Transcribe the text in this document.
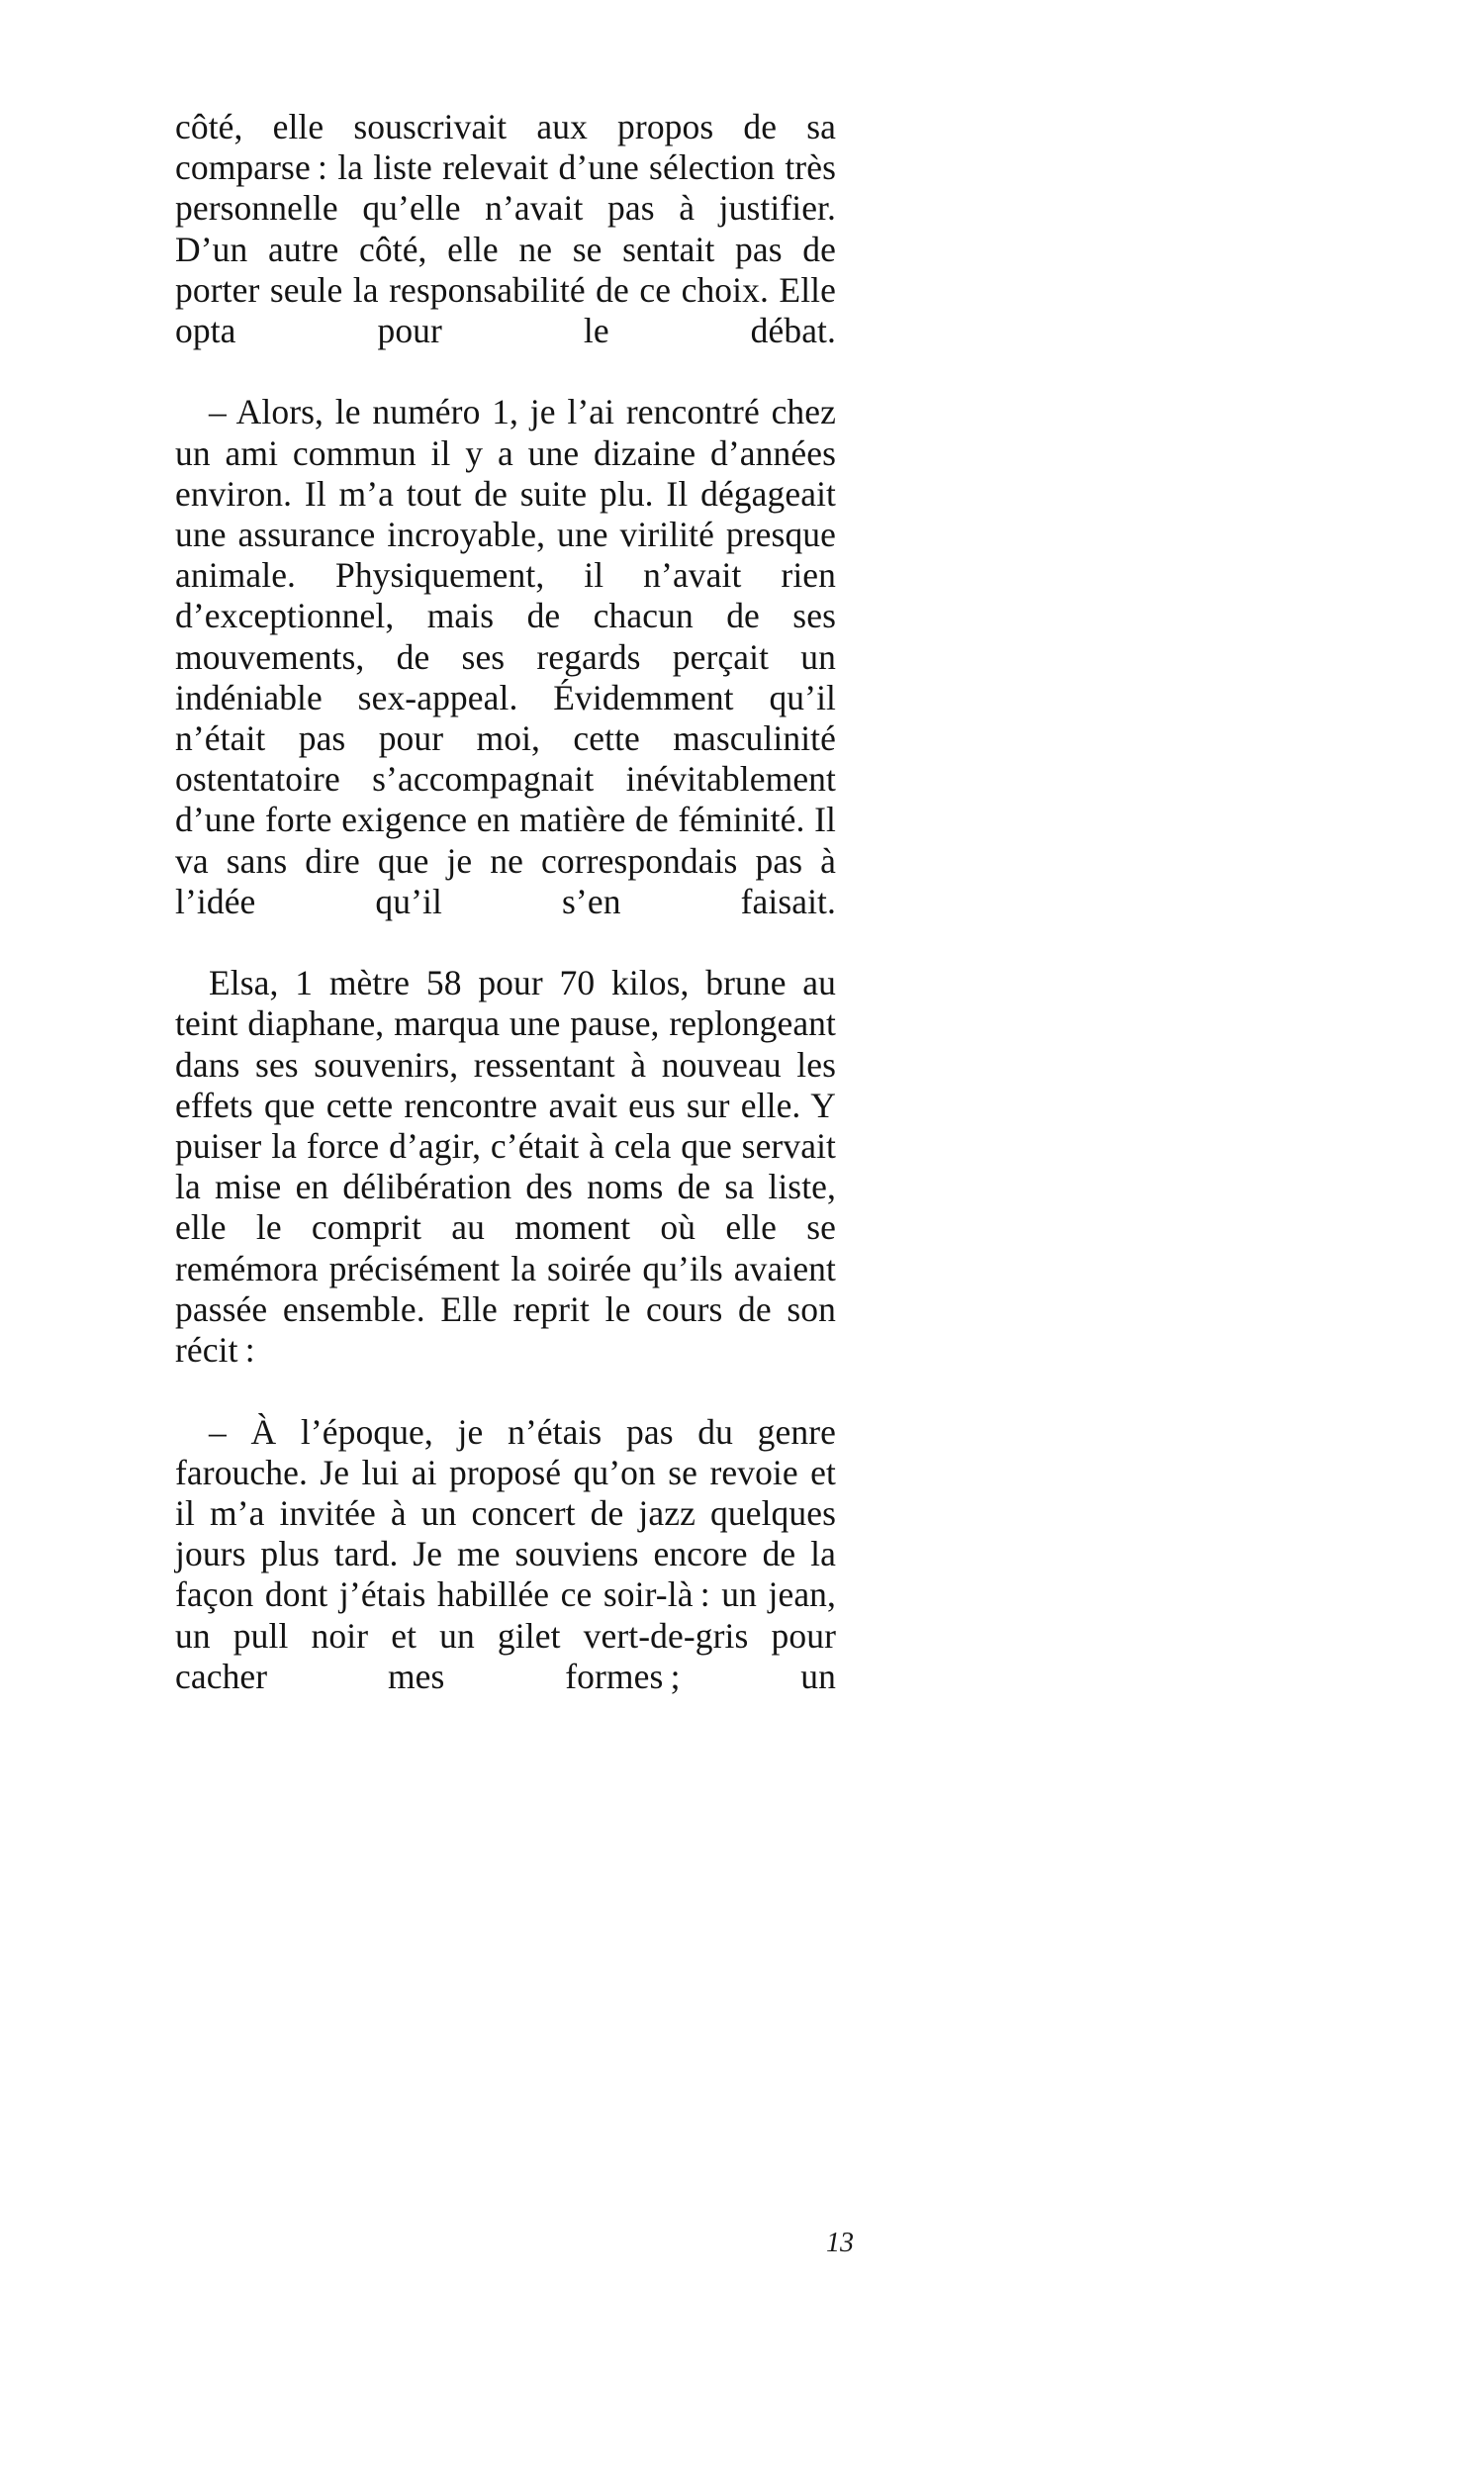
côté, elle souscrivait aux propos de sa comparse : la liste relevait d’une sélection très personnelle qu’elle n’avait pas à justifier. D’un autre côté, elle ne se sentait pas de porter seule la responsabilité de ce choix. Elle opta pour le débat.

– Alors, le numéro 1, je l’ai rencontré chez un ami commun il y a une dizaine d’années environ. Il m’a tout de suite plu. Il dégageait une assurance incroyable, une virilité presque animale. Physiquement, il n’avait rien d’exceptionnel, mais de chacun de ses mouvements, de ses regards perçait un indéniable sex-appeal. Évidemment qu’il n’était pas pour moi, cette masculinité ostentatoire s’accompagnait inévitablement d’une forte exigence en matière de féminité. Il va sans dire que je ne correspondais pas à l’idée qu’il s’en faisait.

Elsa, 1 mètre 58 pour 70 kilos, brune au teint diaphane, marqua une pause, replongeant dans ses souvenirs, ressentant à nouveau les effets que cette rencontre avait eus sur elle. Y puiser la force d’agir, c’était à cela que servait la mise en délibération des noms de sa liste, elle le comprit au moment où elle se remémora précisément la soirée qu’ils avaient passée ensemble. Elle reprit le cours de son récit :

– À l’époque, je n’étais pas du genre farouche. Je lui ai proposé qu’on se revoie et il m’a invitée à un concert de jazz quelques jours plus tard. Je me souviens encore de la façon dont j’étais habillée ce soir-là : un jean, un pull noir et un gilet vert-de-gris pour cacher mes formes ; un

13
